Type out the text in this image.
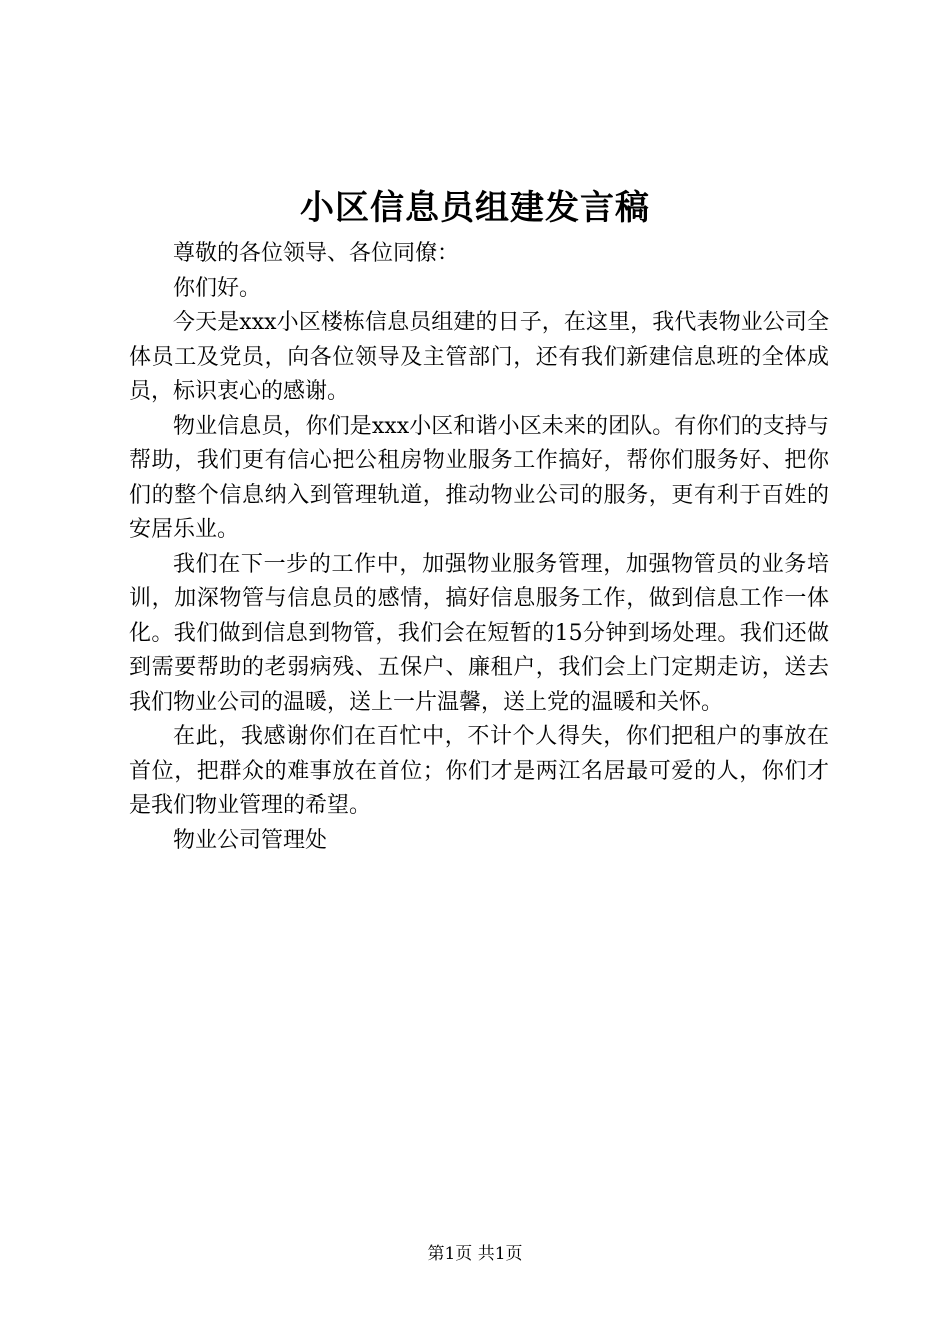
小区信息员组建发言稿

尊敬的各位领导、各位同僚：

你们好。

今天是xxx小区楼栋信息员组建的日子，在这里，我代表物业公司全体员工及党员，向各位领导及主管部门，还有我们新建信息班的全体成员，标识衷心的感谢。

物业信息员，你们是xxx小区和谐小区未来的团队。有你们的支持与帮助，我们更有信心把公租房物业服务工作搞好，帮你们服务好、把你们的整个信息纳入到管理轨道，推动物业公司的服务，更有利于百姓的安居乐业。

我们在下一步的工作中，加强物业服务管理，加强物管员的业务培训，加深物管与信息员的感情，搞好信息服务工作，做到信息工作一体化。我们做到信息到物管，我们会在短暂的15分钟到场处理。我们还做到需要帮助的老弱病残、五保户、廉租户，我们会上门定期走访，送去我们物业公司的温暖，送上一片温馨，送上党的温暖和关怀。

在此，我感谢你们在百忙中，不计个人得失，你们把租户的事放在首位，把群众的难事放在首位；你们才是两江名居最可爱的人，你们才是我们物业管理的希望。

物业公司管理处

第1页 共1页
